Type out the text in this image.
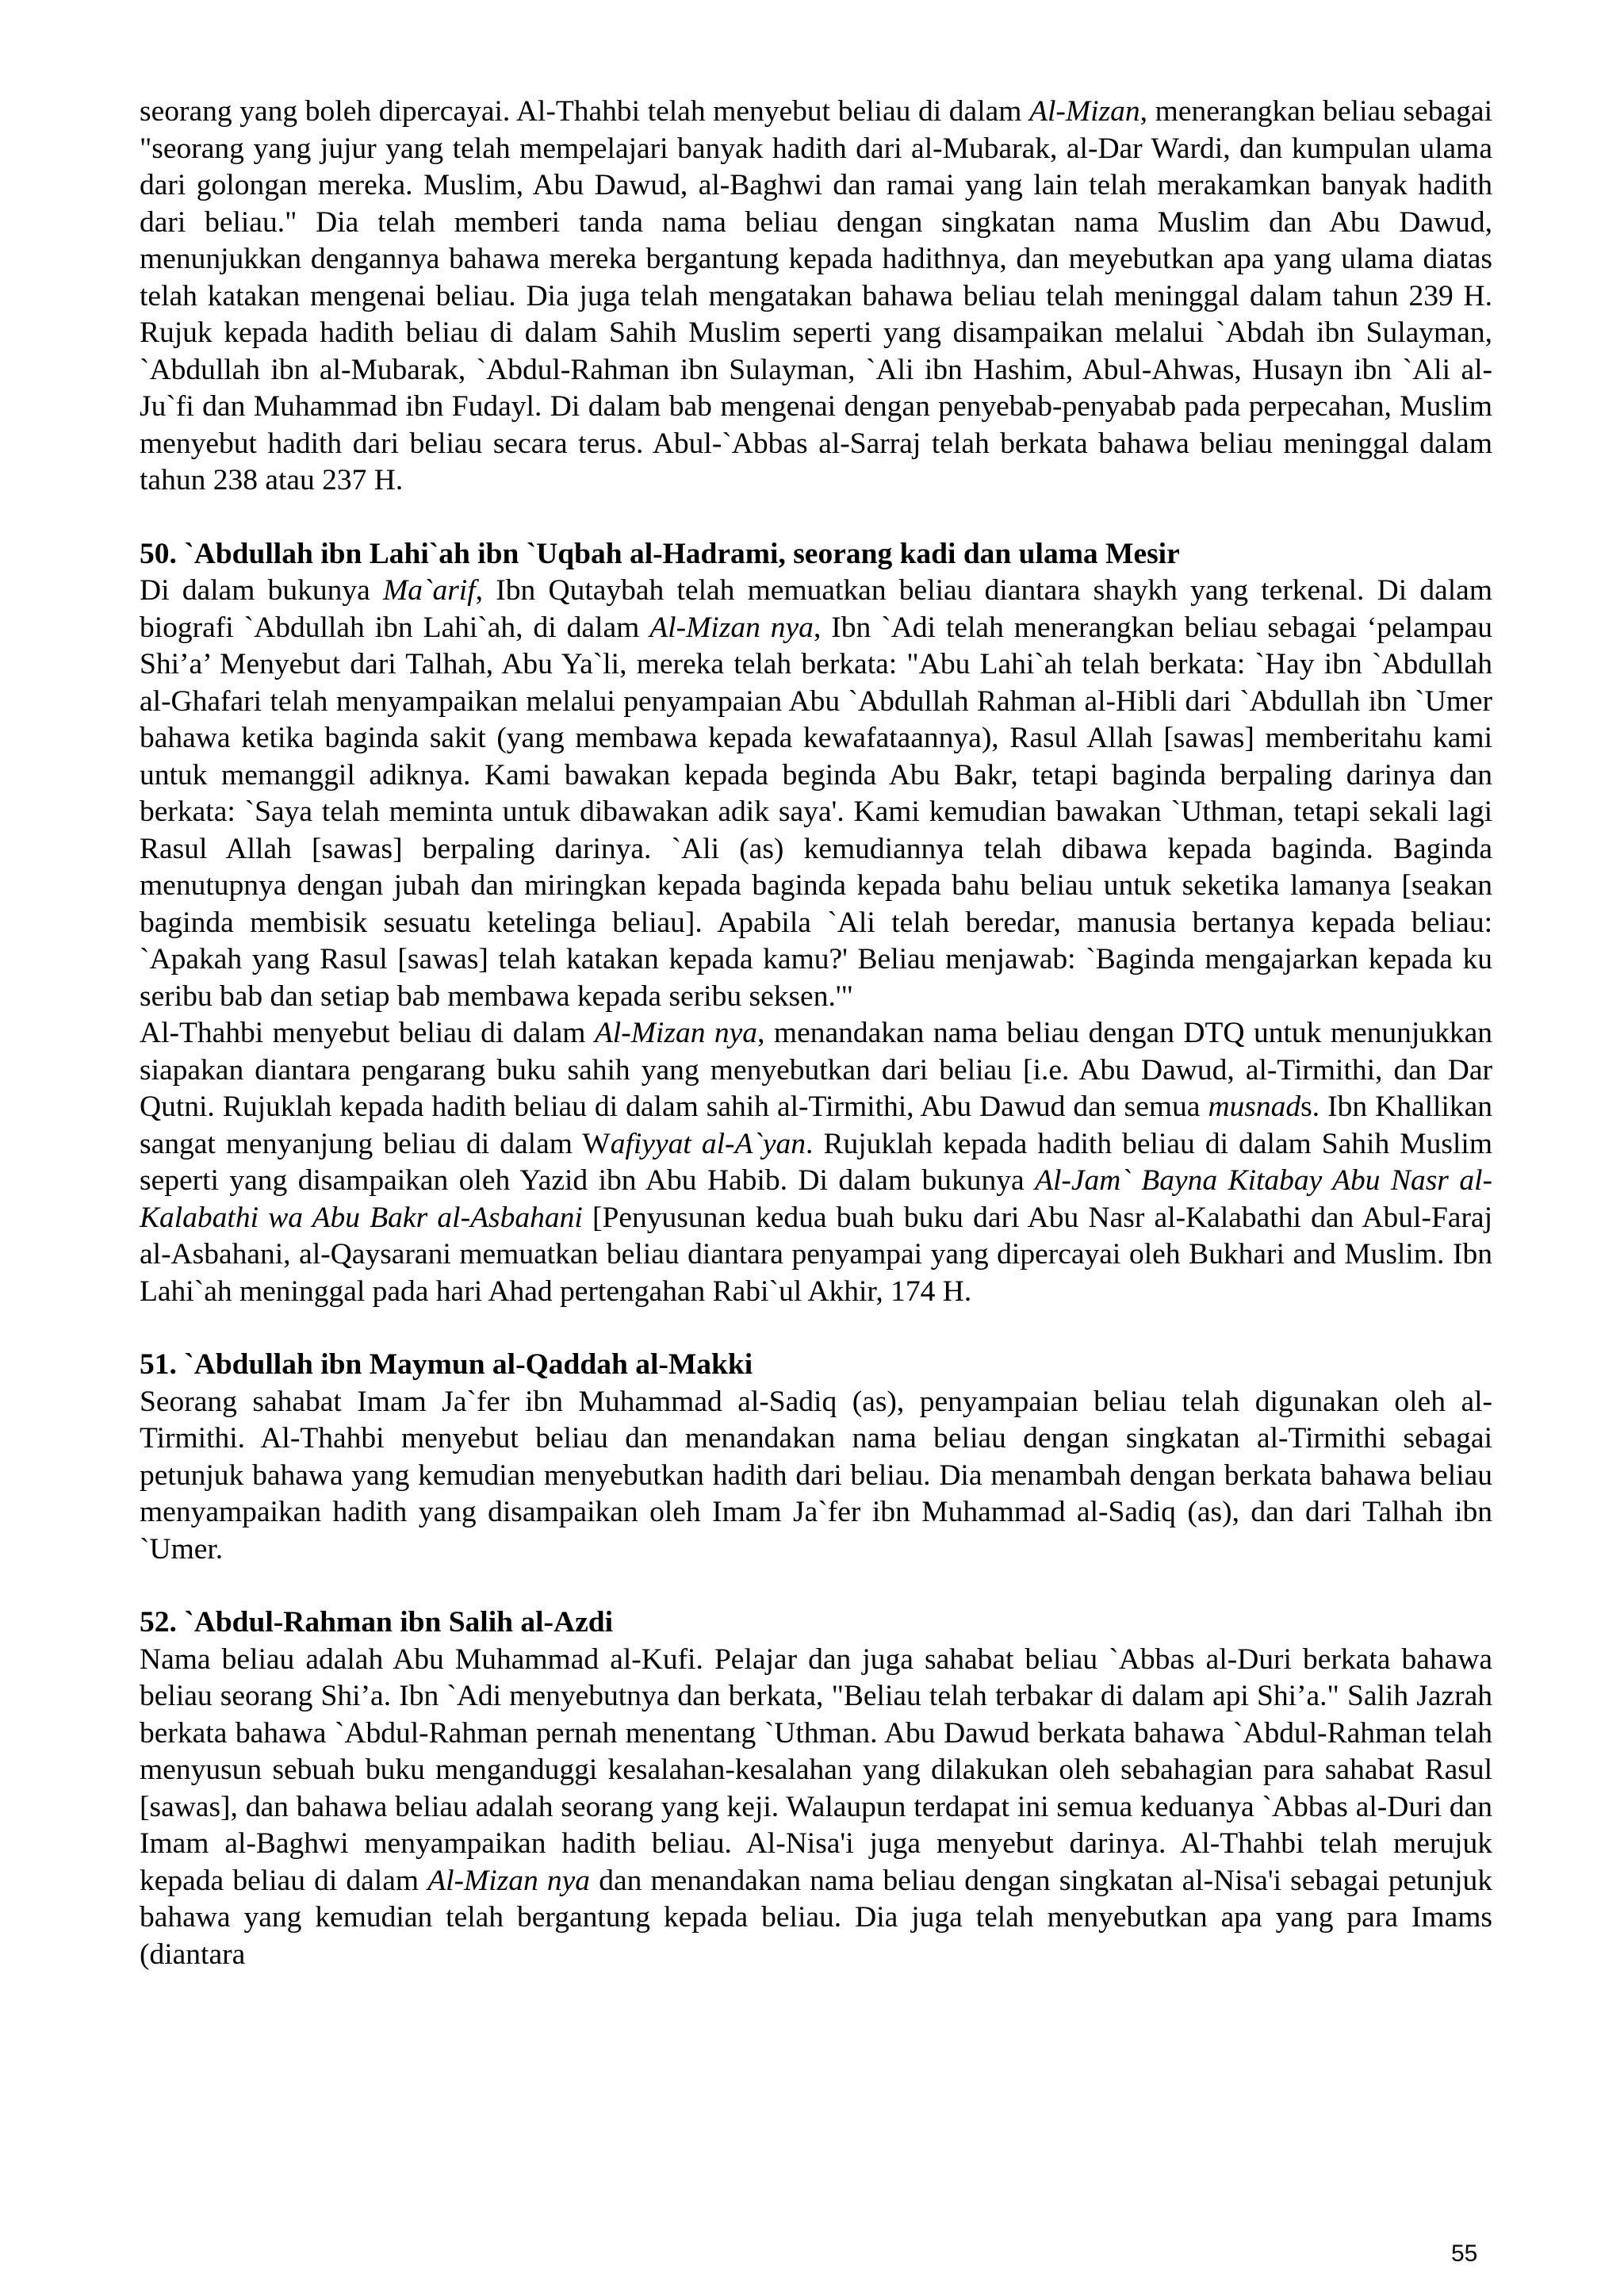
seorang yang boleh dipercayai. Al-Thahbi telah menyebut beliau di dalam Al-Mizan, menerangkan beliau sebagai "seorang yang jujur yang telah mempelajari banyak hadith dari al-Mubarak, al-Dar Wardi, dan kumpulan ulama dari golongan mereka. Muslim, Abu Dawud, al-Baghwi dan ramai yang lain telah merakamkan banyak hadith dari beliau." Dia telah memberi tanda nama beliau dengan singkatan nama Muslim dan Abu Dawud, menunjukkan dengannya bahawa mereka bergantung kepada hadithnya, dan meyebutkan apa yang ulama diatas telah katakan mengenai beliau. Dia juga telah mengatakan bahawa beliau telah meninggal dalam tahun 239 H. Rujuk kepada hadith beliau di dalam Sahih Muslim seperti yang disampaikan melalui `Abdah ibn Sulayman, `Abdullah ibn al-Mubarak, `Abdul-Rahman ibn Sulayman, `Ali ibn Hashim, Abul-Ahwas, Husayn ibn `Ali al-Ju`fi dan Muhammad ibn Fudayl. Di dalam bab mengenai dengan penyebab-penyabab pada perpecahan, Muslim menyebut hadith dari beliau secara terus. Abul-`Abbas al-Sarraj telah berkata bahawa beliau meninggal dalam tahun 238 atau 237 H.

50. `Abdullah ibn Lahi`ah ibn `Uqbah al-Hadrami, seorang kadi dan ulama Mesir

Di dalam bukunya Ma`arif, Ibn Qutaybah telah memuatkan beliau diantara shaykh yang terkenal. Di dalam biografi `Abdullah ibn Lahi`ah, di dalam Al-Mizan nya, Ibn `Adi telah menerangkan beliau sebagai ‘pelampau Shi’a’ Menyebut dari Talhah, Abu Ya`li, mereka telah berkata: "Abu Lahi`ah telah berkata: `Hay ibn `Abdullah al-Ghafari telah menyampaikan melalui penyampaian Abu `Abdullah Rahman al-Hibli dari `Abdullah ibn `Umer bahawa ketika baginda sakit (yang membawa kepada kewafataannya), Rasul Allah [sawas] memberitahu kami untuk memanggil adiknya. Kami bawakan kepada beginda Abu Bakr, tetapi baginda berpaling darinya dan berkata: `Saya telah meminta untuk dibawakan adik saya'. Kami kemudian bawakan `Uthman, tetapi sekali lagi Rasul Allah [sawas] berpaling darinya. `Ali (as) kemudiannya telah dibawa kepada baginda. Baginda menutupnya dengan jubah dan miringkan kepada baginda kepada bahu beliau untuk seketika lamanya [seakan baginda membisik sesuatu ketelinga beliau]. Apabila `Ali telah beredar, manusia bertanya kepada beliau: `Apakah yang Rasul [sawas] telah katakan kepada kamu?' Beliau menjawab: `Baginda mengajarkan kepada ku seribu bab dan setiap bab membawa kepada seribu seksen.'"

Al-Thahbi menyebut beliau di dalam Al-Mizan nya, menandakan nama beliau dengan DTQ untuk menunjukkan siapakan diantara pengarang buku sahih yang menyebutkan dari beliau [i.e. Abu Dawud, al-Tirmithi, dan Dar Qutni. Rujuklah kepada hadith beliau di dalam sahih al-Tirmithi, Abu Dawud dan semua musnads. Ibn Khallikan sangat menyanjung beliau di dalam Wafiyyat al-A`yan. Rujuklah kepada hadith beliau di dalam Sahih Muslim seperti yang disampaikan oleh Yazid ibn Abu Habib. Di dalam bukunya Al-Jam` Bayna Kitabay Abu Nasr al-Kalabathi wa Abu Bakr al-Asbahani [Penyusunan kedua buah buku dari Abu Nasr al-Kalabathi dan Abul-Faraj al-Asbahani, al-Qaysarani memuatkan beliau diantara penyampai yang dipercayai oleh Bukhari and Muslim. Ibn Lahi`ah meninggal pada hari Ahad pertengahan Rabi`ul Akhir, 174 H.

51. `Abdullah ibn Maymun al-Qaddah al-Makki

Seorang sahabat Imam Ja`fer ibn Muhammad al-Sadiq (as), penyampaian beliau telah digunakan oleh al-Tirmithi. Al-Thahbi menyebut beliau dan menandakan nama beliau dengan singkatan al-Tirmithi sebagai petunjuk bahawa yang kemudian menyebutkan hadith dari beliau. Dia menambah dengan berkata bahawa beliau menyampaikan hadith yang disampaikan oleh Imam Ja`fer ibn Muhammad al-Sadiq (as), dan dari Talhah ibn `Umer.

52. `Abdul-Rahman ibn Salih al-Azdi

Nama beliau adalah Abu Muhammad al-Kufi. Pelajar dan juga sahabat beliau `Abbas al-Duri berkata bahawa beliau seorang Shi’a. Ibn `Adi menyebutnya dan berkata, "Beliau telah terbakar di dalam api Shi’a." Salih Jazrah berkata bahawa `Abdul-Rahman pernah menentang `Uthman. Abu Dawud berkata bahawa `Abdul-Rahman telah menyusun sebuah buku menganduggi kesalahan-kesalahan yang dilakukan oleh sebahagian para sahabat Rasul [sawas], dan bahawa beliau adalah seorang yang keji. Walaupun terdapat ini semua keduanya `Abbas al-Duri dan Imam al-Baghwi menyampaikan hadith beliau. Al-Nisa'i juga menyebut darinya. Al-Thahbi telah merujuk kepada beliau di dalam Al-Mizan nya dan menandakan nama beliau dengan singkatan al-Nisa'i sebagai petunjuk bahawa yang kemudian telah bergantung kepada beliau. Dia juga telah menyebutkan apa yang para Imams (diantara

55
